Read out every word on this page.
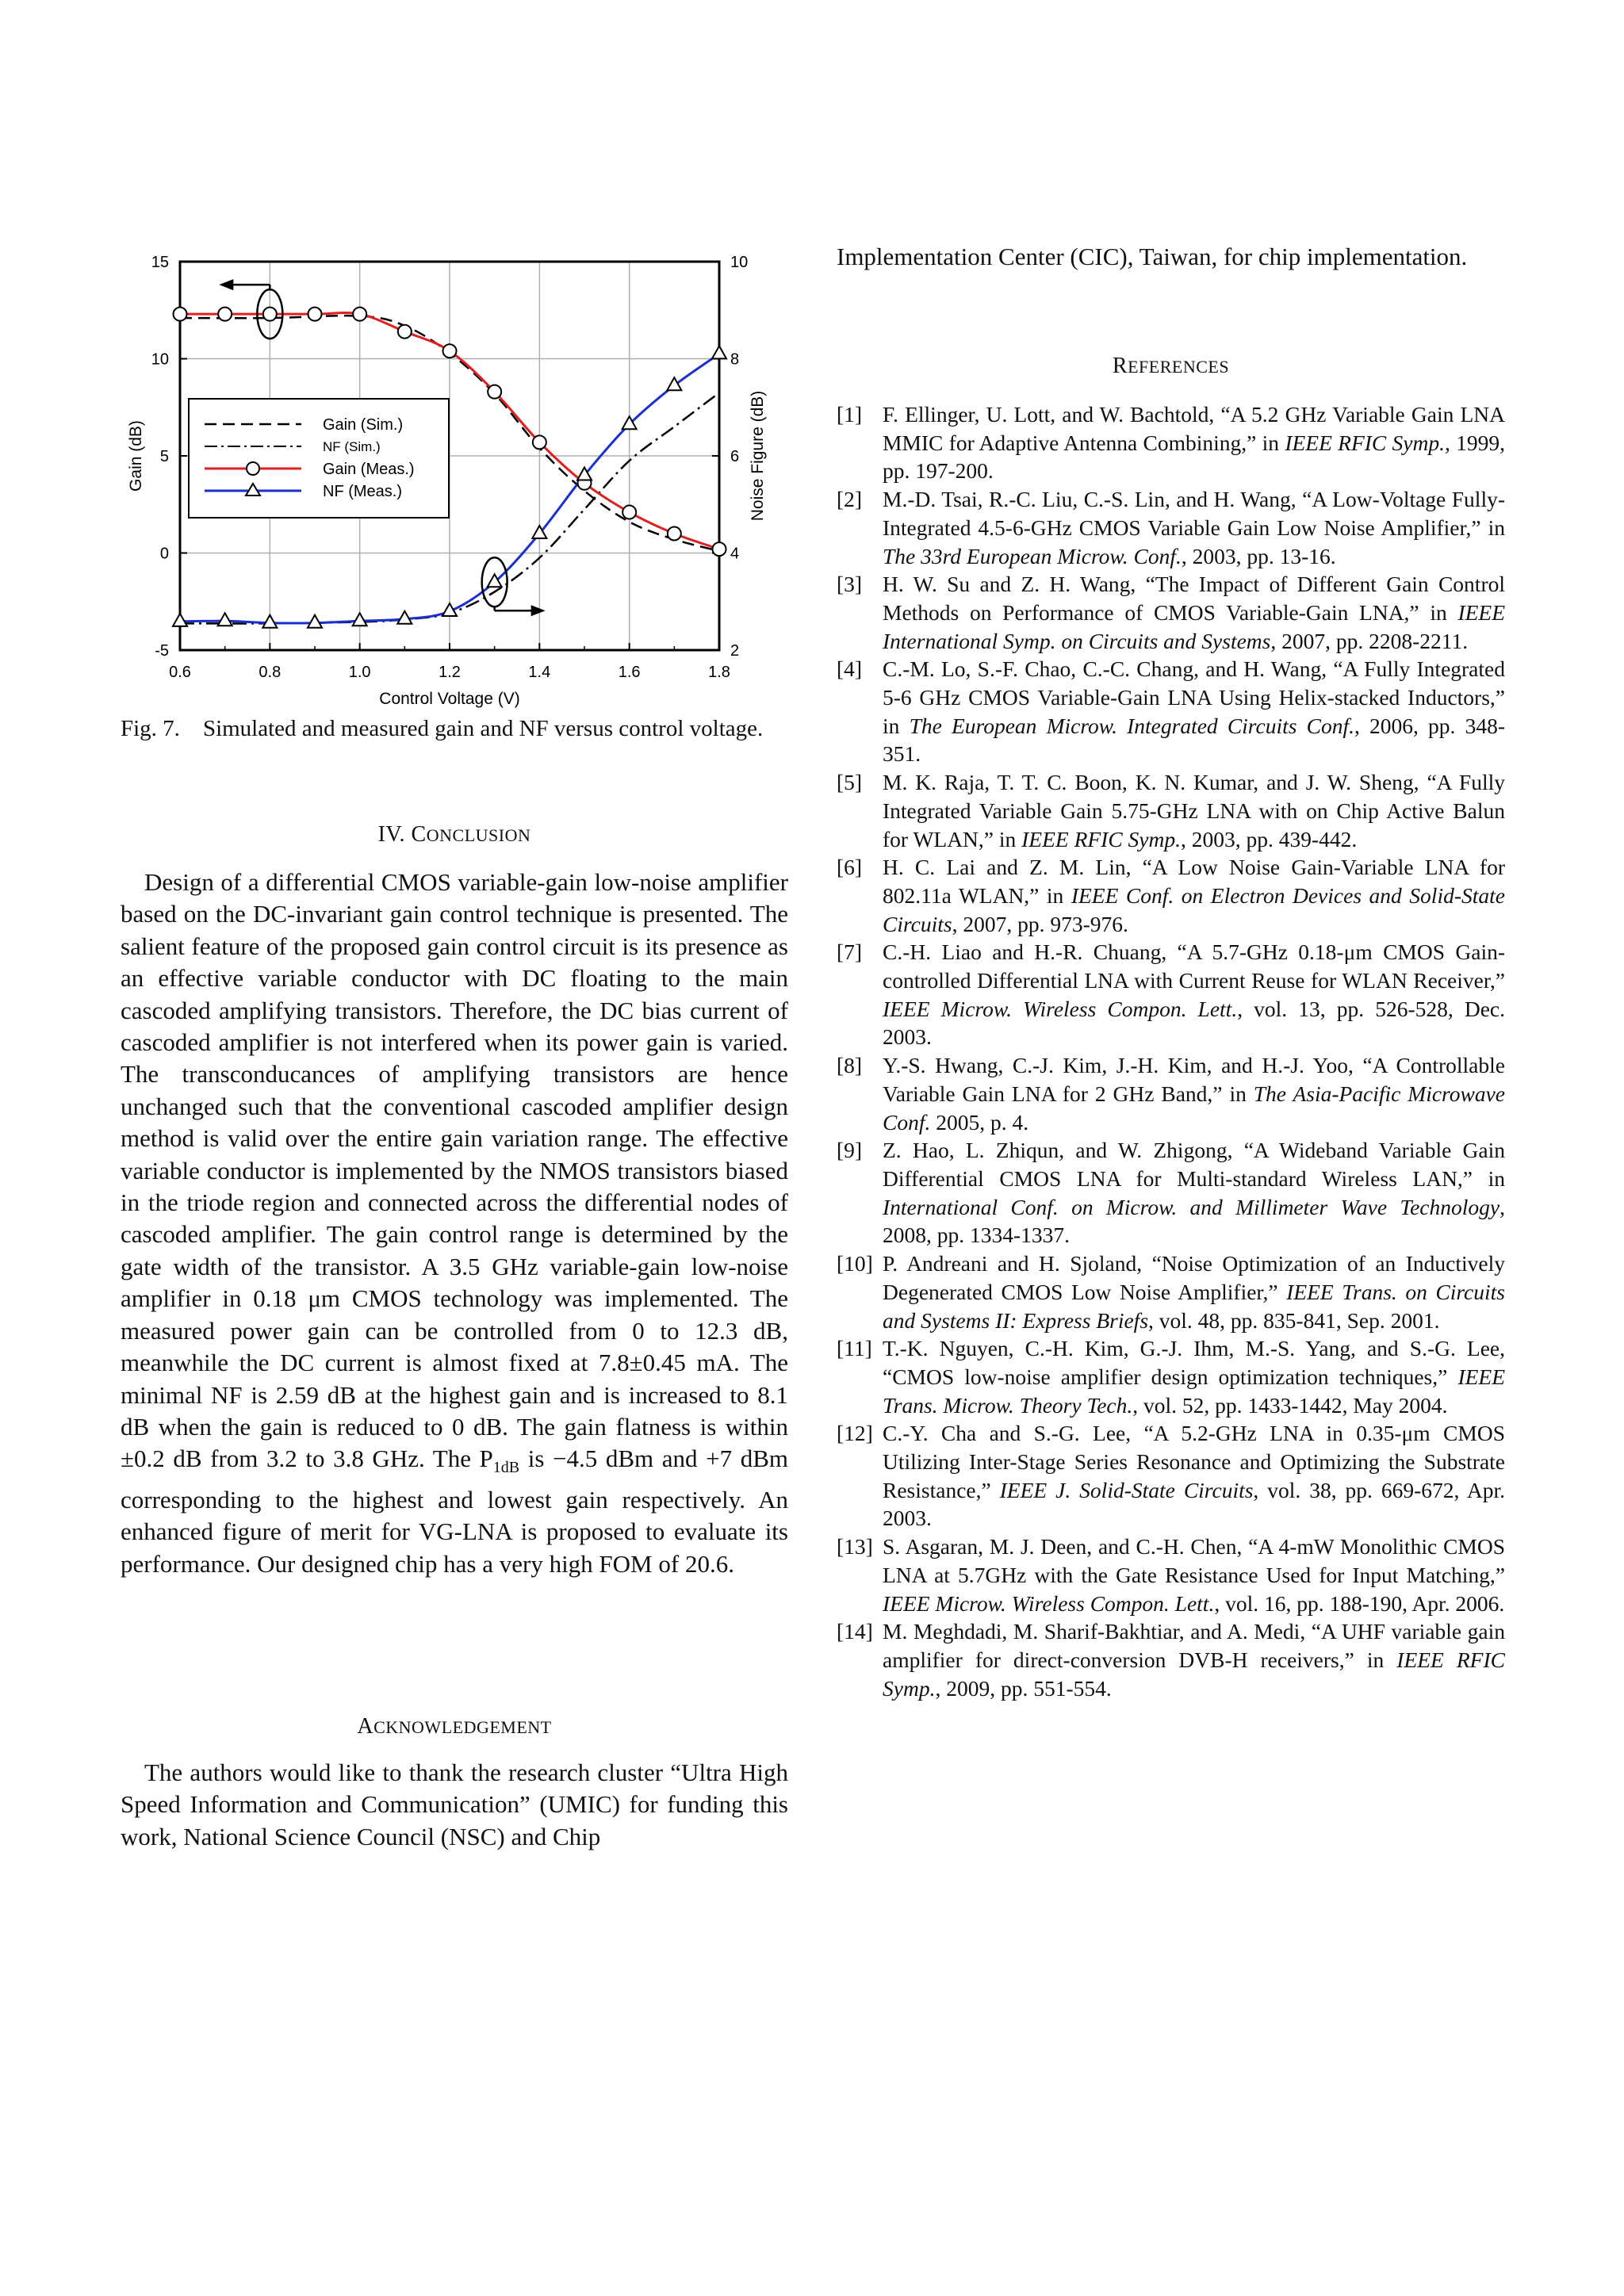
0.6	0.8	1.0	1.2	1.4	1.6	1.8
-5
0
5
10
15
2
4
6
8
10
Control Voltage (V)
Gain (dB)	Noise Figure (dB)
Gain (Sim.)
NF (Sim.)
Gain (Meas.)
NF (Meas.)
Fig. 7. Simulated and measured gain and NF versus control voltage.
IV. CONCLUSION
Design of a differential CMOS variable-gain low-noise amplifier based on the DC-invariant gain control technique is presented. The salient feature of the proposed gain control circuit is its presence as an effective variable conductor with DC floating to the main cascoded amplifying transistors. Therefore, the DC bias current of cascoded amplifier is not interfered when its power gain is varied. The transconducances of amplifying transistors are hence unchanged such that the conventional cascoded amplifier design method is valid over the entire gain variation range. The effective variable conductor is implemented by the NMOS transistors biased in the triode region and connected across the differential nodes of cascoded amplifier. The gain control range is determined by the gate width of the transistor. A 3.5 GHz variable-gain low-noise amplifier in 0.18 μm CMOS technology was implemented. The measured power gain can be controlled from 0 to 12.3 dB, meanwhile the DC current is almost fixed at 7.8±0.45 mA. The minimal NF is 2.59 dB at the highest gain and is increased to 8.1 dB when the gain is reduced to 0 dB. The gain flatness is within ±0.2 dB from 3.2 to 3.8 GHz. The $P_{1dB}$ is −4.5 dBm and +7 dBm corresponding to the highest and lowest gain respectively. An enhanced figure of merit for VG-LNA is proposed to evaluate its performance. Our designed chip has a very high FOM of 20.6.
ACKNOWLEDGEMENT
The authors would like to thank the research cluster “Ultra High Speed Information and Communication” (UMIC) for funding this work, National Science Council (NSC) and Chip
Implementation Center (CIC), Taiwan, for chip implementation.
REFERENCES
[1] F. Ellinger, U. Lott, and W. Bachtold, “A 5.2 GHz Variable Gain LNA MMIC for Adaptive Antenna Combining,” in IEEE RFIC Symp., 1999, pp. 197-200.
[2] M.-D. Tsai, R.-C. Liu, C.-S. Lin, and H. Wang, “A Low-Voltage Fully-Integrated 4.5-6-GHz CMOS Variable Gain Low Noise Amplifier,” in The 33rd European Microw. Conf., 2003, pp. 13-16.
[3] H. W. Su and Z. H. Wang, “The Impact of Different Gain Control Methods on Performance of CMOS Variable-Gain LNA,” in IEEE International Symp. on Circuits and Systems, 2007, pp. 2208-2211.
[4] C.-M. Lo, S.-F. Chao, C.-C. Chang, and H. Wang, “A Fully Integrated 5-6 GHz CMOS Variable-Gain LNA Using Helix-stacked Inductors,” in The European Microw. Integrated Circuits Conf., 2006, pp. 348-351.
[5] M. K. Raja, T. T. C. Boon, K. N. Kumar, and J. W. Sheng, “A Fully Integrated Variable Gain 5.75-GHz LNA with on Chip Active Balun for WLAN,” in IEEE RFIC Symp., 2003, pp. 439-442.
[6] H. C. Lai and Z. M. Lin, “A Low Noise Gain-Variable LNA for 802.11a WLAN,” in IEEE Conf. on Electron Devices and Solid-State Circuits, 2007, pp. 973-976.
[7] C.-H. Liao and H.-R. Chuang, “A 5.7-GHz 0.18-μm CMOS Gain-controlled Differential LNA with Current Reuse for WLAN Receiver,” IEEE Microw. Wireless Compon. Lett., vol. 13, pp. 526-528, Dec. 2003.
[8] Y.-S. Hwang, C.-J. Kim, J.-H. Kim, and H.-J. Yoo, “A Controllable Variable Gain LNA for 2 GHz Band,” in The Asia-Pacific Microwave Conf. 2005, p. 4.
[9] Z. Hao, L. Zhiqun, and W. Zhigong, “A Wideband Variable Gain Differential CMOS LNA for Multi-standard Wireless LAN,” in International Conf. on Microw. and Millimeter Wave Technology, 2008, pp. 1334-1337.
[10] P. Andreani and H. Sjoland, “Noise Optimization of an Inductively Degenerated CMOS Low Noise Amplifier,” IEEE Trans. on Circuits and Systems II: Express Briefs, vol. 48, pp. 835-841, Sep. 2001.
[11] T.-K. Nguyen, C.-H. Kim, G.-J. Ihm, M.-S. Yang, and S.-G. Lee, “CMOS low-noise amplifier design optimization techniques,” IEEE Trans. Microw. Theory Tech., vol. 52, pp. 1433-1442, May 2004.
[12] C.-Y. Cha and S.-G. Lee, “A 5.2-GHz LNA in 0.35-μm CMOS Utilizing Inter-Stage Series Resonance and Optimizing the Substrate Resistance,” IEEE J. Solid-State Circuits, vol. 38, pp. 669-672, Apr. 2003.
[13] S. Asgaran, M. J. Deen, and C.-H. Chen, “A 4-mW Monolithic CMOS LNA at 5.7GHz with the Gate Resistance Used for Input Matching,” IEEE Microw. Wireless Compon. Lett., vol. 16, pp. 188-190, Apr. 2006.
[14] M. Meghdadi, M. Sharif-Bakhtiar, and A. Medi, “A UHF variable gain amplifier for direct-conversion DVB-H receivers,” in IEEE RFIC Symp., 2009, pp. 551-554.
